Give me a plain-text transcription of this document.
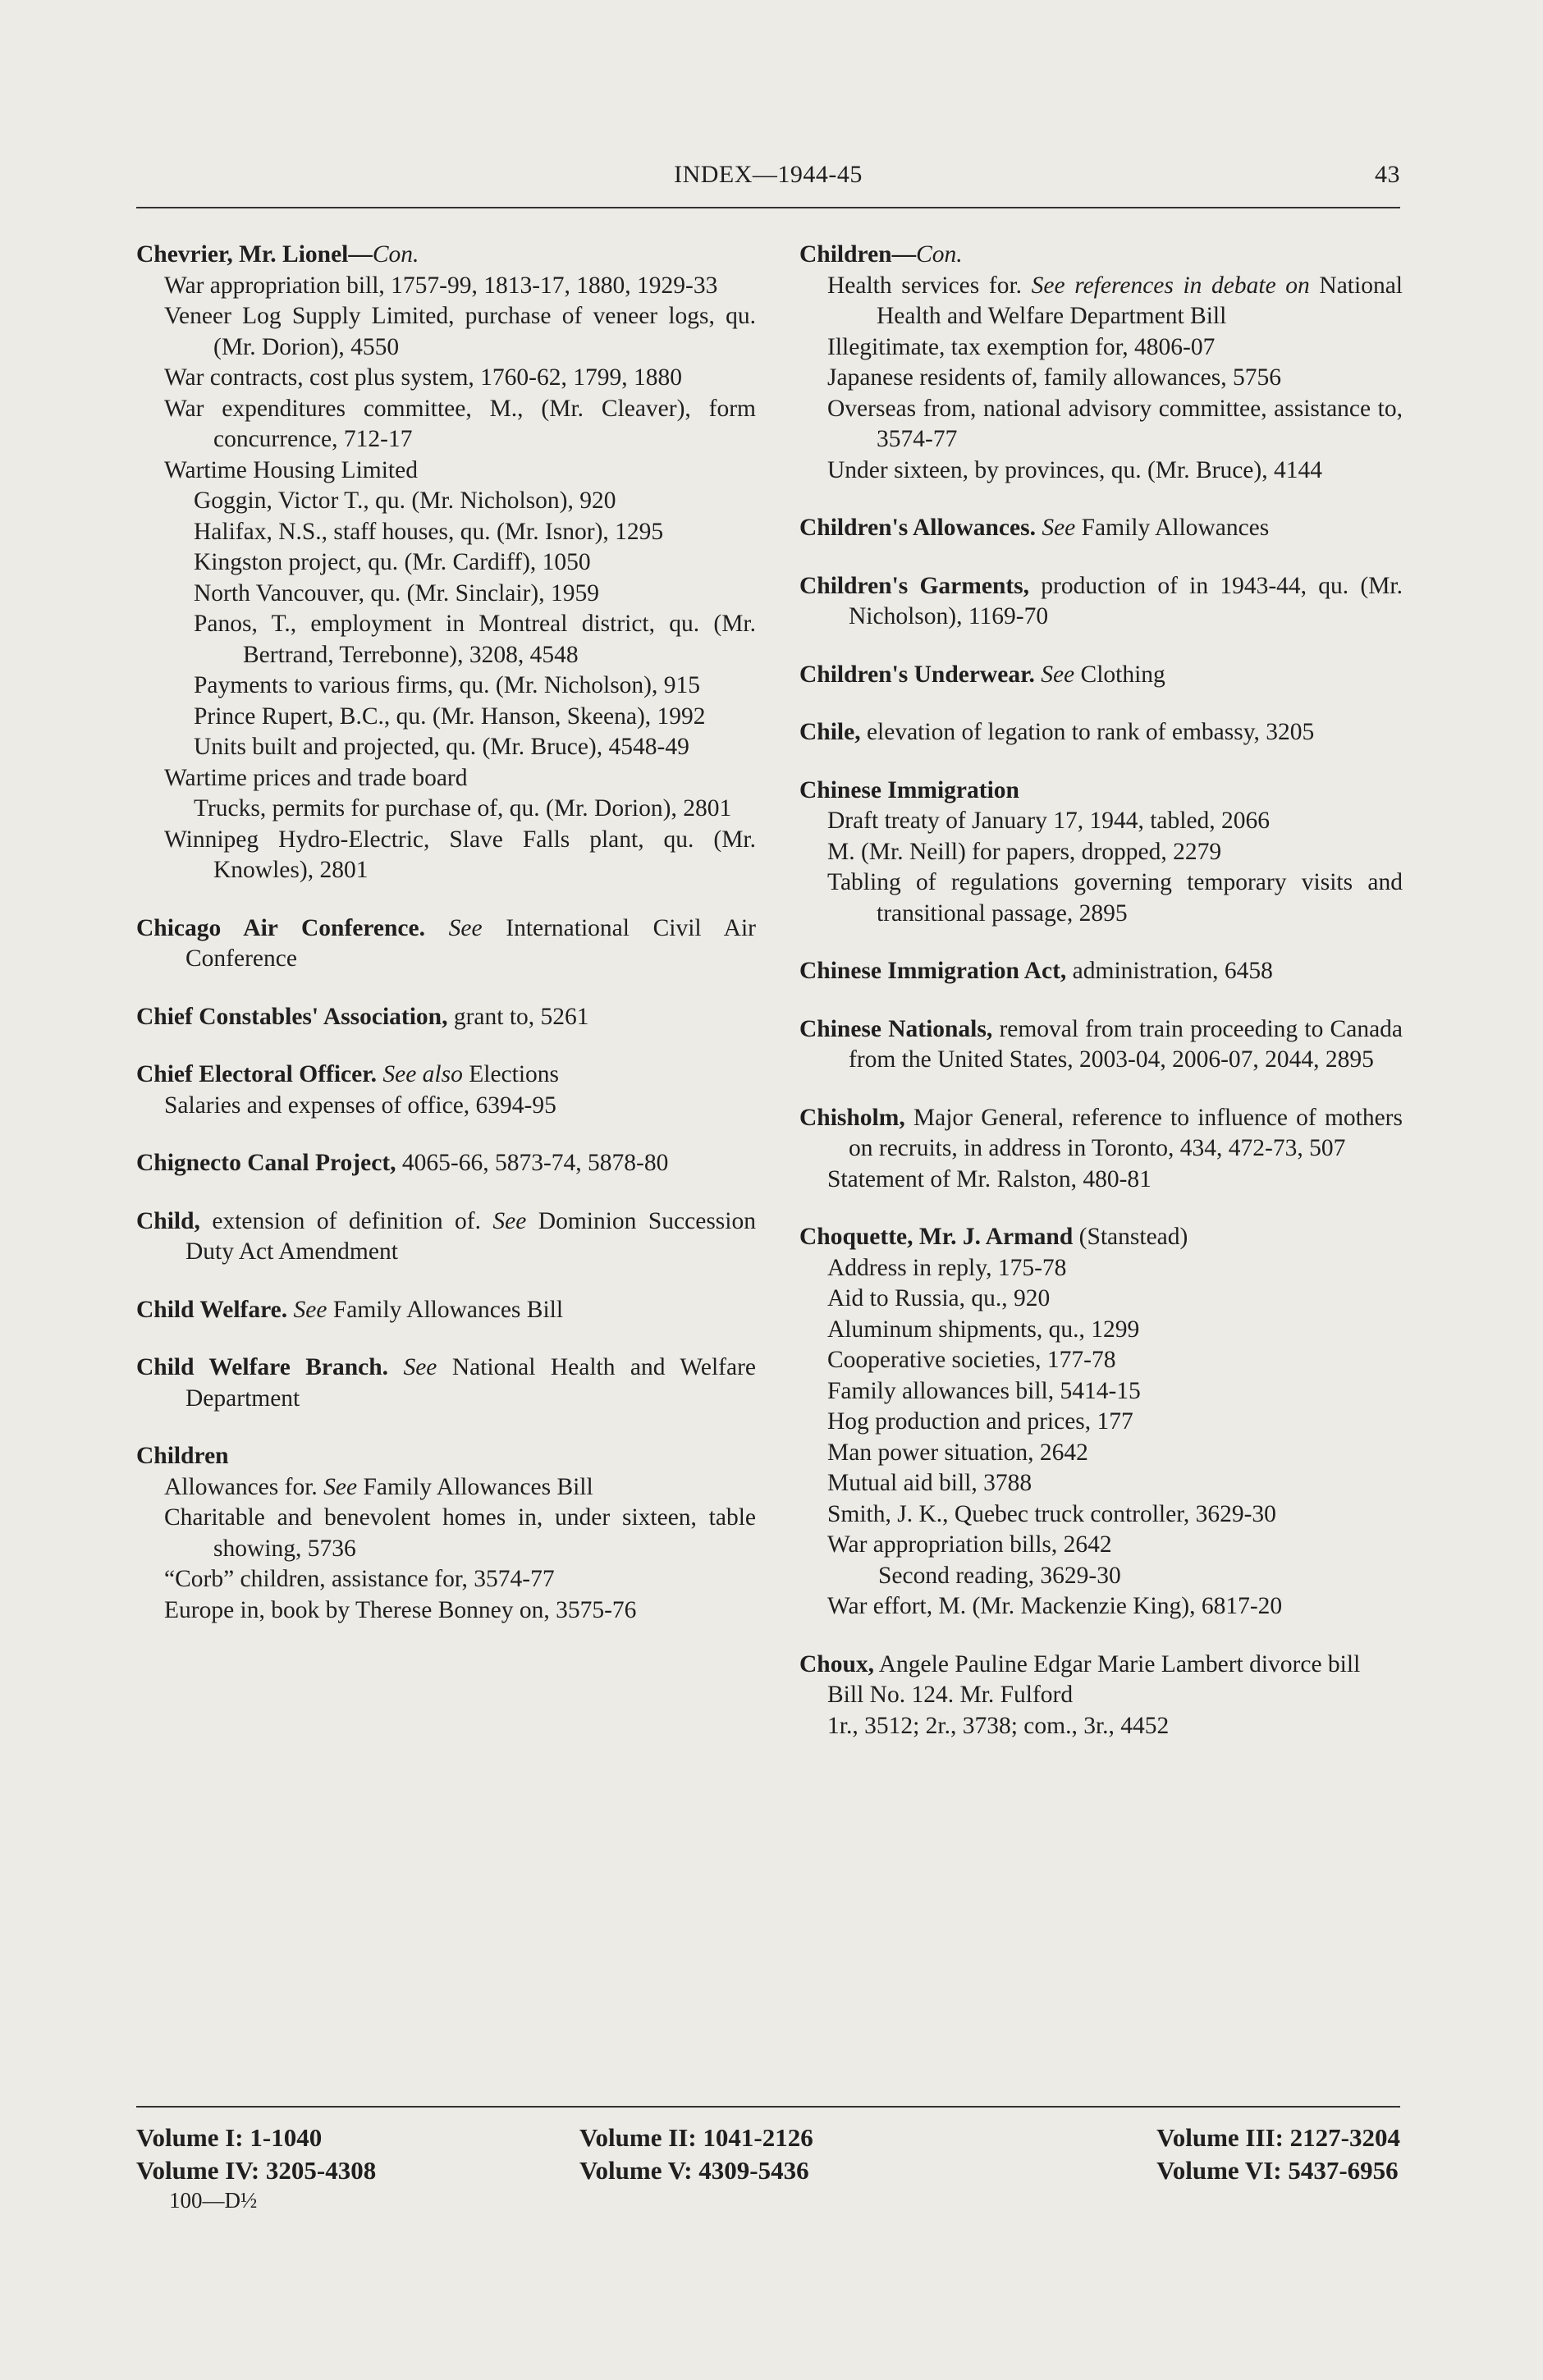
INDEX—1944-45	43
Chevrier, Mr. Lionel—Con.
War appropriation bill, 1757-99, 1813-17, 1880, 1929-33
Veneer Log Supply Limited, purchase of veneer logs, qu. (Mr. Dorion), 4550
War contracts, cost plus system, 1760-62, 1799, 1880
War expenditures committee, M., (Mr. Cleaver), form concurrence, 712-17
Wartime Housing Limited
Goggin, Victor T., qu. (Mr. Nicholson), 920
Halifax, N.S., staff houses, qu. (Mr. Isnor), 1295
Kingston project, qu. (Mr. Cardiff), 1050
North Vancouver, qu. (Mr. Sinclair), 1959
Panos, T., employment in Montreal district, qu. (Mr. Bertrand, Terrebonne), 3208, 4548
Payments to various firms, qu. (Mr. Nicholson), 915
Prince Rupert, B.C., qu. (Mr. Hanson, Skeena), 1992
Units built and projected, qu. (Mr. Bruce), 4548-49
Wartime prices and trade board
Trucks, permits for purchase of, qu. (Mr. Dorion), 2801
Winnipeg Hydro-Electric, Slave Falls plant, qu. (Mr. Knowles), 2801
Chicago Air Conference. See International Civil Air Conference
Chief Constables' Association, grant to, 5261
Chief Electoral Officer. See also Elections
Salaries and expenses of office, 6394-95
Chignecto Canal Project, 4065-66, 5873-74, 5878-80
Child, extension of definition of. See Dominion Succession Duty Act Amendment
Child Welfare. See Family Allowances Bill
Child Welfare Branch. See National Health and Welfare Department
Children
Allowances for. See Family Allowances Bill
Charitable and benevolent homes in, under sixteen, table showing, 5736
“Corb” children, assistance for, 3574-77
Europe in, book by Therese Bonney on, 3575-76
Children—Con.
Health services for. See references in debate on National Health and Welfare Department Bill
Illegitimate, tax exemption for, 4806-07
Japanese residents of, family allowances, 5756
Overseas from, national advisory committee, assistance to, 3574-77
Under sixteen, by provinces, qu. (Mr. Bruce), 4144
Children's Allowances. See Family Allowances
Children's Garments, production of in 1943-44, qu. (Mr. Nicholson), 1169-70
Children's Underwear. See Clothing
Chile, elevation of legation to rank of embassy, 3205
Chinese Immigration
Draft treaty of January 17, 1944, tabled, 2066
M. (Mr. Neill) for papers, dropped, 2279
Tabling of regulations governing temporary visits and transitional passage, 2895
Chinese Immigration Act, administration, 6458
Chinese Nationals, removal from train proceeding to Canada from the United States, 2003-04, 2006-07, 2044, 2895
Chisholm, Major General, reference to influence of mothers on recruits, in address in Toronto, 434, 472-73, 507
Statement of Mr. Ralston, 480-81
Choquette, Mr. J. Armand (Stanstead)
Address in reply, 175-78
Aid to Russia, qu., 920
Aluminum shipments, qu., 1299
Cooperative societies, 177-78
Family allowances bill, 5414-15
Hog production and prices, 177
Man power situation, 2642
Mutual aid bill, 3788
Smith, J. K., Quebec truck controller, 3629-30
War appropriation bills, 2642
Second reading, 3629-30
War effort, M. (Mr. Mackenzie King), 6817-20
Choux, Angele Pauline Edgar Marie Lambert divorce bill
Bill No. 124. Mr. Fulford
1r., 3512; 2r., 3738; com., 3r., 4452
Volume I: 1-1040
Volume IV: 3205-4308
Volume II: 1041-2126
Volume V: 4309-5436
Volume III: 2127-3204
Volume VI: 5437-6956
100—D½
